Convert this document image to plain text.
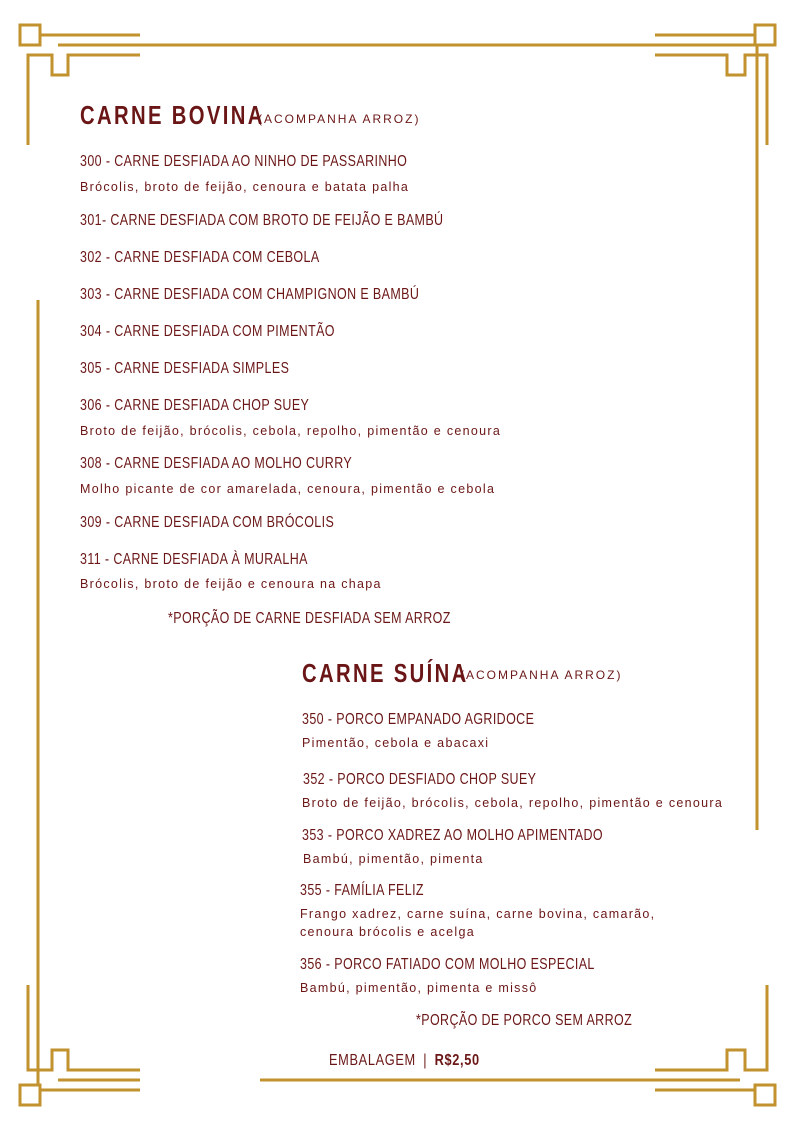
CARNE BOVINA
(ACOMPANHA ARROZ)
300 - CARNE DESFIADA AO NINHO DE PASSARINHO
Brócolis, broto de feijão, cenoura e batata palha
301- CARNE DESFIADA COM BROTO DE FEIJÃO E BAMBÚ
302 - CARNE DESFIADA COM CEBOLA
303 - CARNE DESFIADA COM CHAMPIGNON E BAMBÚ
304 - CARNE DESFIADA COM PIMENTÃO
305 - CARNE DESFIADA SIMPLES
306 - CARNE DESFIADA CHOP SUEY
Broto de feijão, brócolis, cebola, repolho, pimentão e cenoura
308 - CARNE DESFIADA AO MOLHO CURRY
Molho picante de cor amarelada, cenoura, pimentão e cebola
309 - CARNE DESFIADA COM BRÓCOLIS
311 - CARNE DESFIADA À MURALHA
Brócolis, broto de feijão e cenoura na chapa
*PORÇÃO DE CARNE DESFIADA SEM ARROZ
CARNE SUÍNA
(ACOMPANHA ARROZ)
350 - PORCO EMPANADO AGRIDOCE
Pimentão, cebola e abacaxi
352 - PORCO DESFIADO CHOP SUEY
Broto de feijão, brócolis, cebola, repolho, pimentão e cenoura
353 - PORCO XADREZ AO MOLHO APIMENTADO
Bambú, pimentão, pimenta
355 - FAMÍLIA FELIZ
Frango xadrez, carne suína, carne bovina, camarão,
cenoura brócolis e acelga
356 - PORCO FATIADO COM MOLHO ESPECIAL
Bambú, pimentão, pimenta e missô
*PORÇÃO DE PORCO SEM ARROZ
EMBALAGEM | R$2,50
